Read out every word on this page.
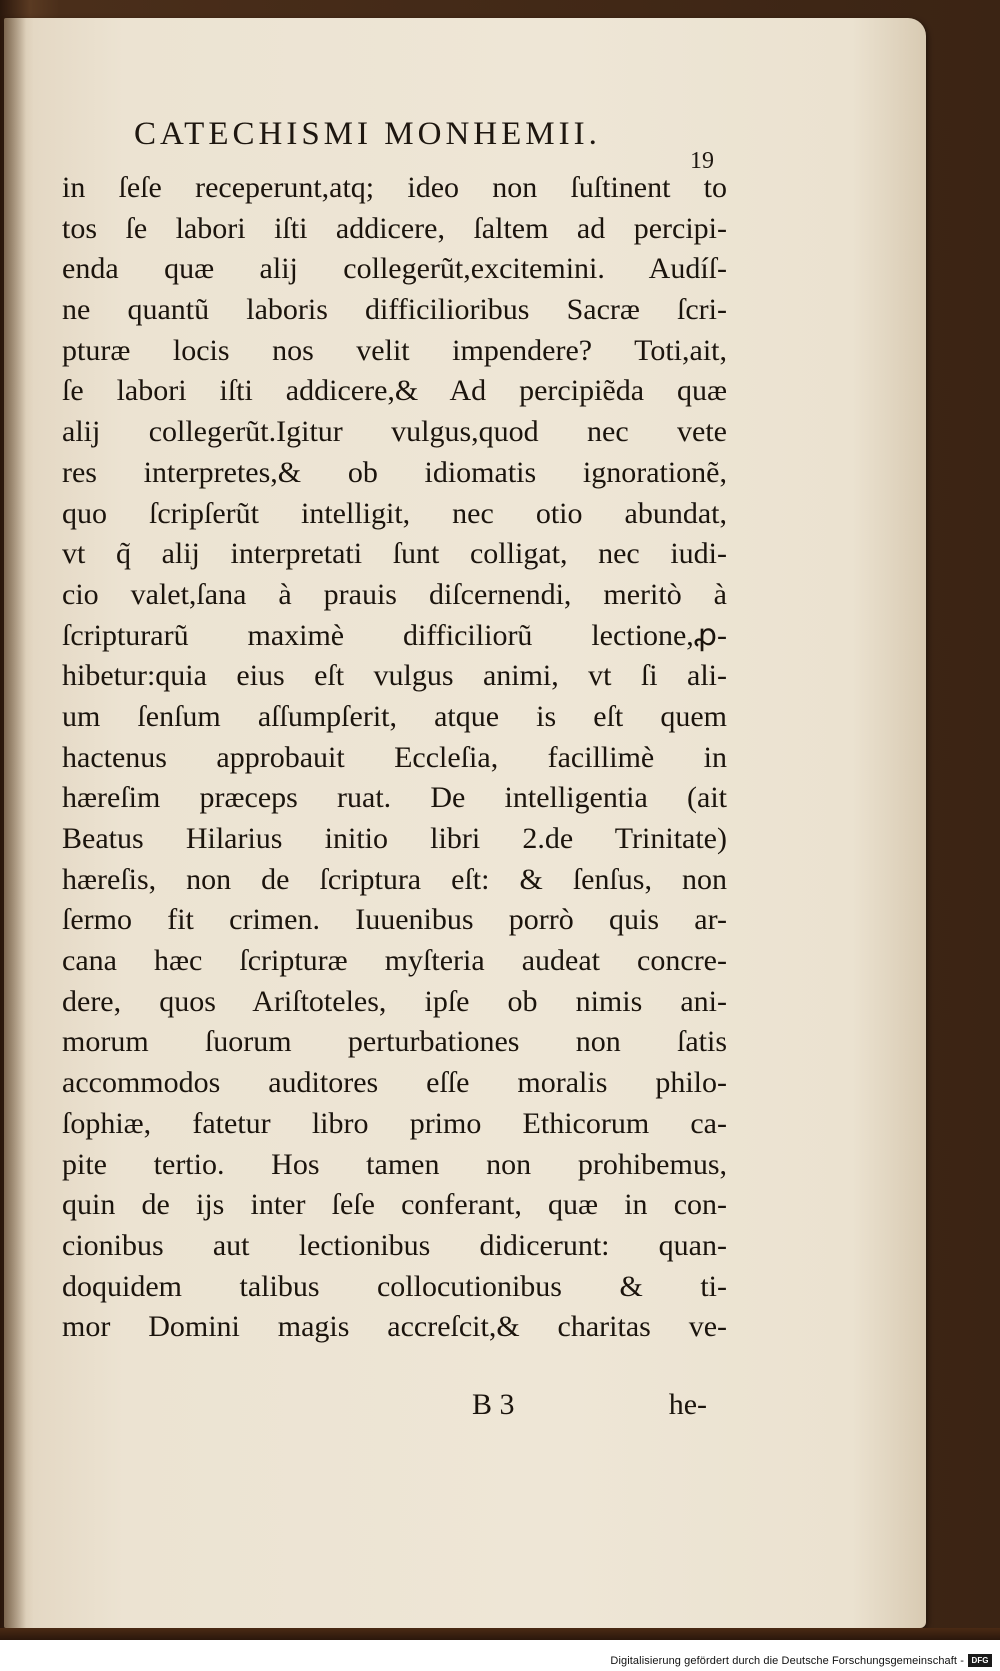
CATECHISMI MONHEMII.
19
in ſeſe receperunt,atq; ideo non ſuſtinent to
tos ſe labori iſti addicere, ſaltem ad percipi-
enda quæ alij collegerũt,excitemini. Audíſ-
ne quantũ laboris difficilioribus Sacræ ſcri-
pturæ locis nos velit impendere? Toti,ait,
ſe labori iſti addicere,& Ad percipiẽda quæ
alij collegerũt.Igitur vulgus,quod nec vete
res interpretes,& ob idiomatis ignorationẽ,
quo ſcripſerũt intelligit, nec otio abundat,
vt q̃ alij interpretati ſunt colligat, nec iudi-
cio valet,ſana à prauis diſcernendi, meritò à
ſcripturarũ maximè difficiliorũ lectione,ꝓ-
hibetur:quia eius eſt vulgus animi, vt ſi ali-
um ſenſum aſſumpſerit, atque is eſt quem
hactenus approbauit Eccleſia, facillimè in
hæreſim præceps ruat. De intelligentia (ait
Beatus Hilarius initio libri 2.de Trinitate)
hæreſis, non de ſcriptura eſt: & ſenſus, non
ſermo fit crimen. Iuuenibus porrò quis ar-
cana hæc ſcripturæ myſteria audeat concre-
dere, quos Ariſtoteles, ipſe ob nimis ani-
morum ſuorum perturbationes non ſatis
accommodos auditores eſſe moralis philo-
ſophiæ, fatetur libro primo Ethicorum ca-
pite tertio. Hos tamen non prohibemus,
quin de ijs inter ſeſe conferant, quæ in con-
cionibus aut lectionibus didicerunt: quan-
doquidem talibus collocutionibus & ti-
mor Domini magis accreſcit,& charitas ve-
B 3	he-
Digitalisierung gefördert durch die Deutsche Forschungsgemeinschaft - DFG
